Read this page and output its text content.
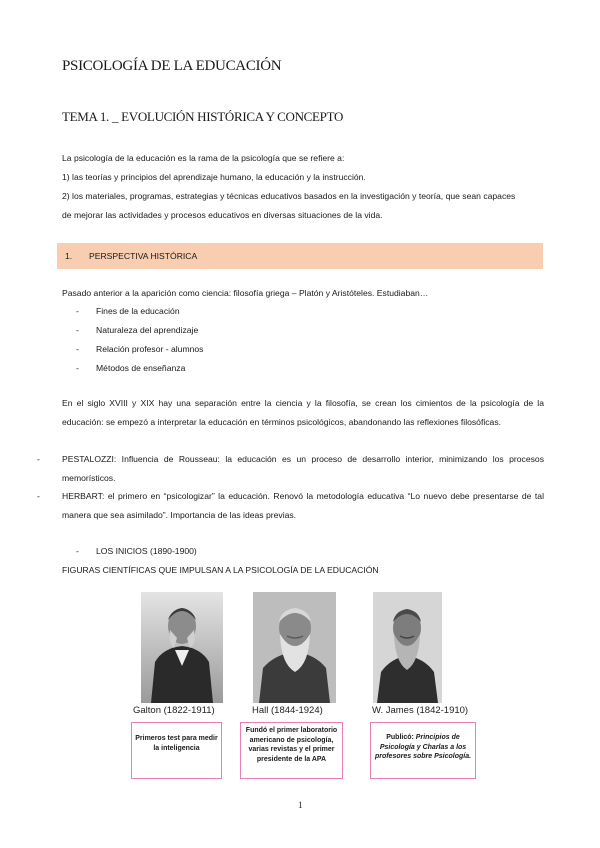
PSICOLOGÍA DE LA EDUCACIÓN
TEMA 1. _ EVOLUCIÓN HISTÓRICA Y CONCEPTO
La psicología de la educación es la rama de la psicología que se refiere a:
1) las teorías y principios del aprendizaje humano, la educación y la instrucción.
2) los materiales, programas, estrategias y técnicas educativos basados en la investigación y teoría, que sean capaces
de mejorar las actividades y procesos educativos en diversas situaciones de la vida.
1. PERSPECTIVA HISTÓRICA
Pasado anterior a la aparición como ciencia: filosofía griega – Platón y Aristóteles. Estudiaban…
- Fines de la educación
- Naturaleza del aprendizaje
- Relación profesor - alumnos
- Métodos de enseñanza
En el siglo XVIII y XIX hay una separación entre la ciencia y la filosofía, se crean los cimientos de la psicología de la educación: se empezó a interpretar la educación en términos psicológicos, abandonando las reflexiones filosóficas.
-	PESTALOZZI: Influencia de Rousseau: la educación es un proceso de desarrollo interior, minimizando los procesos memorísticos.
-	HERBART: el primero en “psicologizar” la educación. Renovó la metodología educativa “Lo nuevo debe presentarse de tal manera que sea asimilado”. Importancia de las ideas previas.
- LOS INICIOS (1890-1900)
FIGURAS CIENTÍFICAS QUE IMPULSAN A LA PSICOLOGÍA DE LA EDUCACIÓN
Galton (1822-1911)	Hall (1844-1924)	W. James (1842-1910)
Primeros test para medir la inteligencia
Fundó el primer laboratorio americano de psicología, varias revistas y el primer presidente de la APA
Publicó: Principios de Psicología y Charlas a los profesores sobre Psicología.
1
